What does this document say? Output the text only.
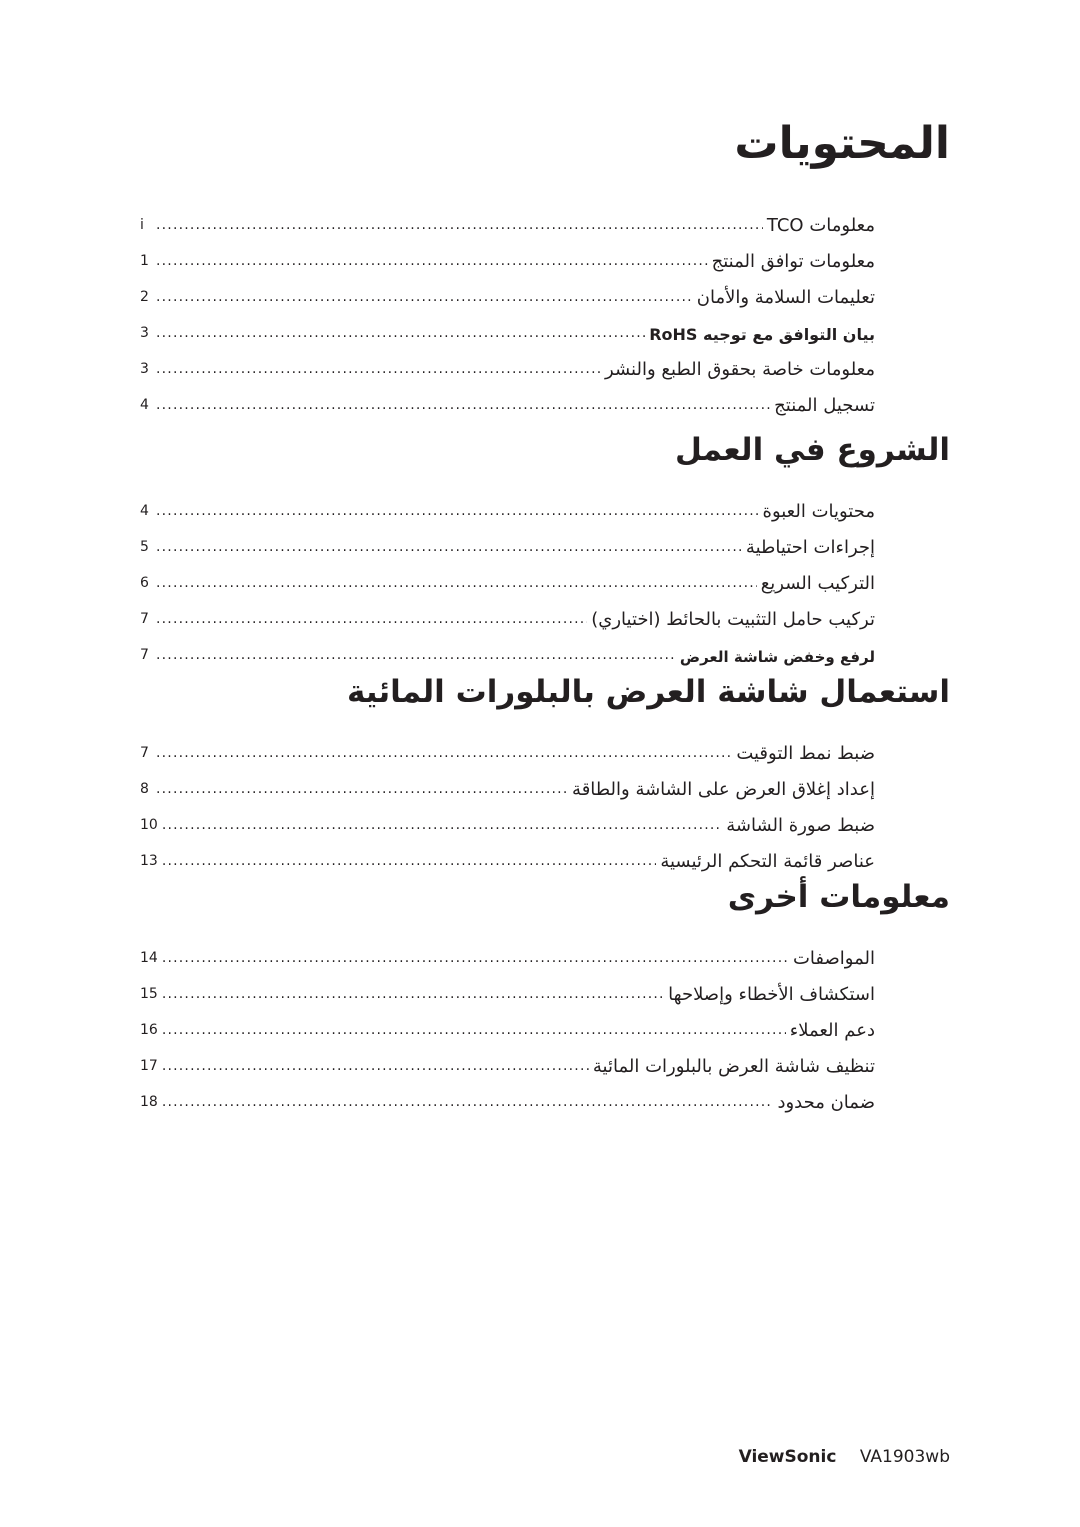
المحتويات
i .....	معلومات TCO
1 .....	معلومات توافق المنتج
2 .....	تعليمات السلامة والأمان
3 .....	بيان التوافق مع توجيه RoHS
3 .....	معلومات خاصة بحقوق الطبع والنشر
4 .....	تسجيل المنتج
الشروع في العمل
4 .....	محتويات العبوة
5 .....	إجراءات احتياطية
6 .....	التركيب السريع
7 .....	تركيب حامل التثبيت بالحائط (اختياري)
7 .....	لرفع وخفض شاشة العرض
استعمال شاشة العرض بالبلورات المائية
7 .....	ضبط نمط التوقيت
8 .....	إعداد إغلاق العرض على الشاشة والطاقة
10 .....	ضبط صورة الشاشة
13 .....	عناصر قائمة التحكم الرئيسية
معلومات أخرى
14 .....	المواصفات
15 .....	استكشاف الأخطاء وإصلاحها
16 .....	دعم العملاء
17 .....	تنظيف شاشة العرض بالبلورات المائية
18 .....	ضمان محدود
ViewSonic VA1903wb
